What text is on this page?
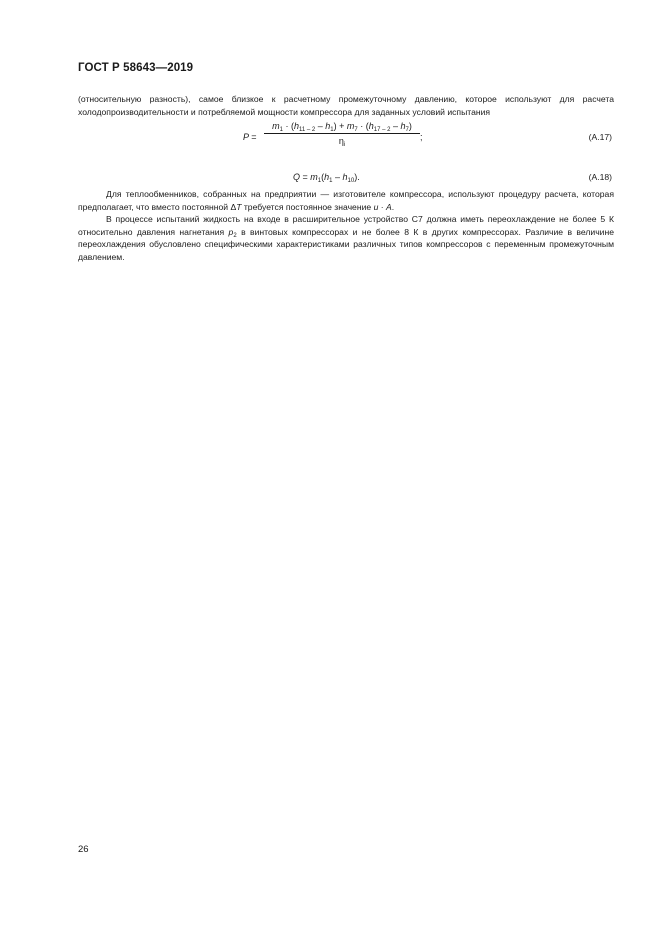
ГОСТ Р 58643—2019

(относительную разность), самое близкое к расчетному промежуточному давлению, которое используют для расчета холодопроизводительности и потребляемой мощности компрессора для заданных условий испытания

P =
$m_1 \cdot (h_{11 - 2} - h_1) + m_7 \cdot (h_{17 - 2} - h_7)$
$\eta_i$
;	(А.17)
$Q = m_1(h_1 - h_{10})$.	(А.18)

Для теплообменников, собранных на предприятии — изготовителе компрессора, используют процедуру расчета, которая предполагает, что вместо постоянной ΔT требуется постоянное значение u · A.

В процессе испытаний жидкость на входе в расширительное устройство С7 должна иметь переохлаждение не более 5 К относительно давления нагнетания $p_2$ в винтовых компрессорах и не более 8 К в других компрессорах. Различие в величине переохлаждения обусловлено специфическими характеристиками различных типов компрессоров с переменным промежуточным давлением.

26
